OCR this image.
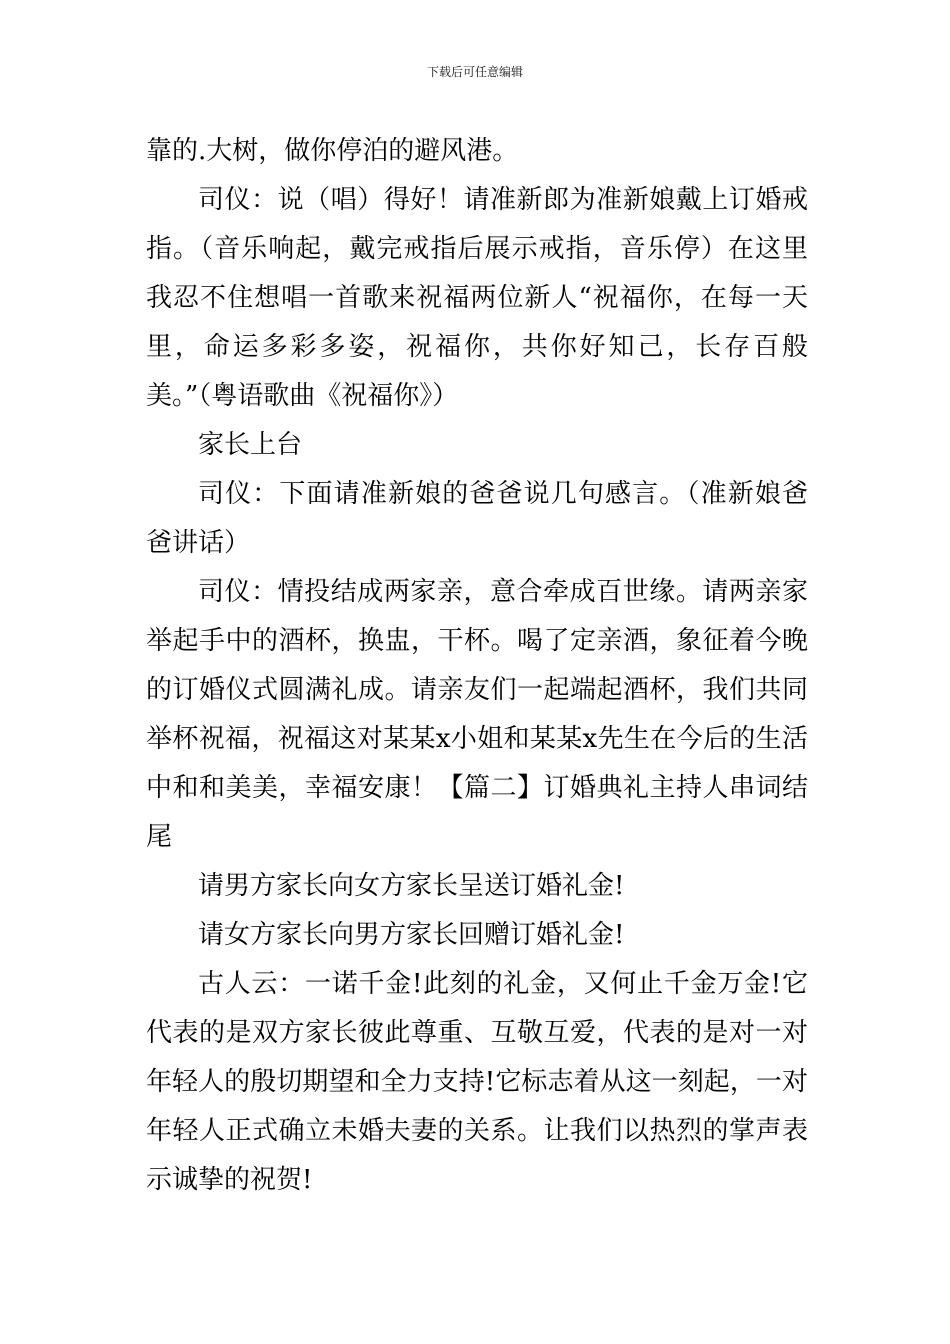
下载后可任意编辑

靠的.大树，做你停泊的避风港。

司仪：说（唱）得好！请准新郎为准新娘戴上订婚戒指。（音乐响起，戴完戒指后展示戒指，音乐停）在这里我忍不住想唱一首歌来祝福两位新人“祝福你，在每一天里，命运多彩多姿，祝福你，共你好知己，长存百般美。”（粤语歌曲《祝福你》）

家长上台

司仪：下面请准新娘的爸爸说几句感言。（准新娘爸爸讲话）

司仪：情投结成两家亲，意合牵成百世缘。请两亲家举起手中的酒杯，换盅，干杯。喝了定亲酒，象征着今晚的订婚仪式圆满礼成。请亲友们一起端起酒杯，我们共同举杯祝福，祝福这对某某x小姐和某某x先生在今后的生活中和和美美，幸福安康！【篇二】订婚典礼主持人串词结尾

请男方家长向女方家长呈送订婚礼金!

请女方家长向男方家长回赠订婚礼金!

古人云：一诺千金!此刻的礼金，又何止千金万金!它代表的是双方家长彼此尊重、互敬互爱，代表的是对一对年轻人的殷切期望和全力支持!它标志着从这一刻起，一对年轻人正式确立未婚夫妻的关系。让我们以热烈的掌声表示诚挚的祝贺!
